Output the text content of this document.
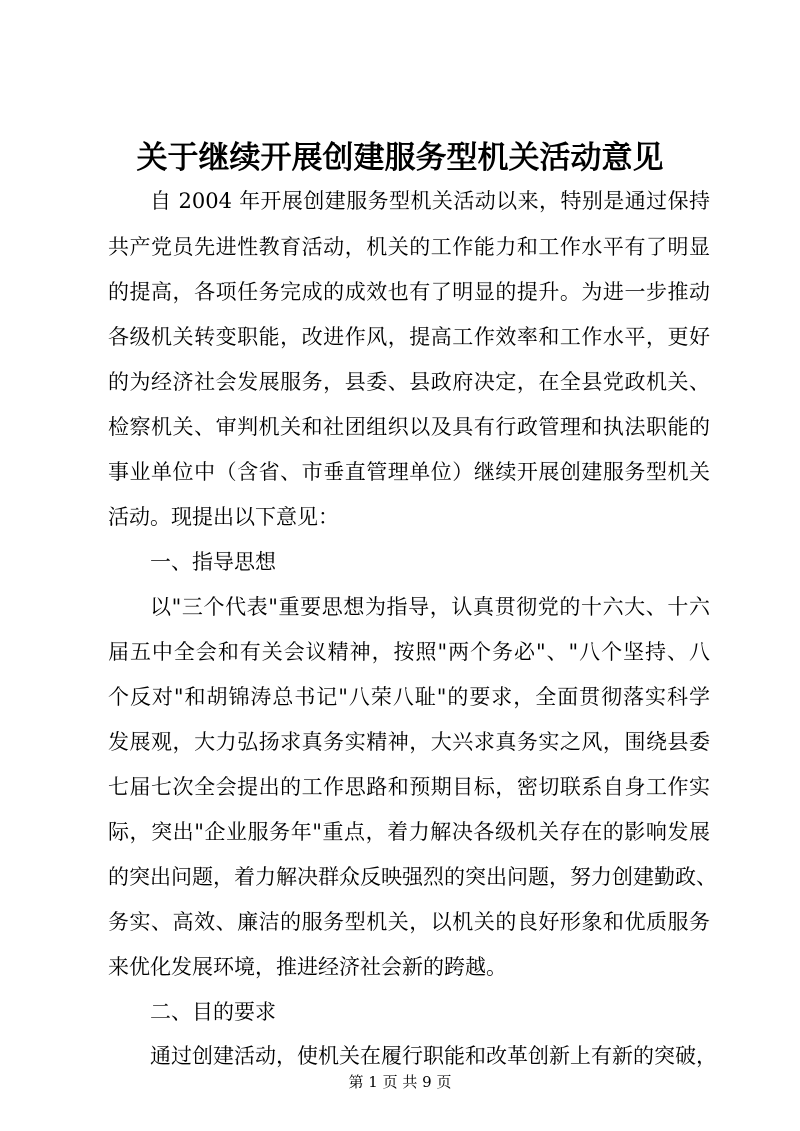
关于继续开展创建服务型机关活动意见
自 2004 年开展创建服务型机关活动以来，特别是通过保持
共产党员先进性教育活动，机关的工作能力和工作水平有了明显
的提高，各项任务完成的成效也有了明显的提升。为进一步推动
各级机关转变职能，改进作风，提高工作效率和工作水平，更好
的为经济社会发展服务，县委、县政府决定，在全县党政机关、
检察机关、审判机关和社团组织以及具有行政管理和执法职能的
事业单位中（含省、市垂直管理单位）继续开展创建服务型机关
活动。现提出以下意见：
一、指导思想
以"三个代表"重要思想为指导，认真贯彻党的十六大、十六
届五中全会和有关会议精神，按照"两个务必"、"八个坚持、八
个反对"和胡锦涛总书记"八荣八耻"的要求，全面贯彻落实科学
发展观，大力弘扬求真务实精神，大兴求真务实之风，围绕县委
七届七次全会提出的工作思路和预期目标，密切联系自身工作实
际，突出"企业服务年"重点，着力解决各级机关存在的影响发展
的突出问题，着力解决群众反映强烈的突出问题，努力创建勤政、
务实、高效、廉洁的服务型机关，以机关的良好形象和优质服务
来优化发展环境，推进经济社会新的跨越。
二、目的要求
通过创建活动，使机关在履行职能和改革创新上有新的突破，
第 1 页 共 9 页
